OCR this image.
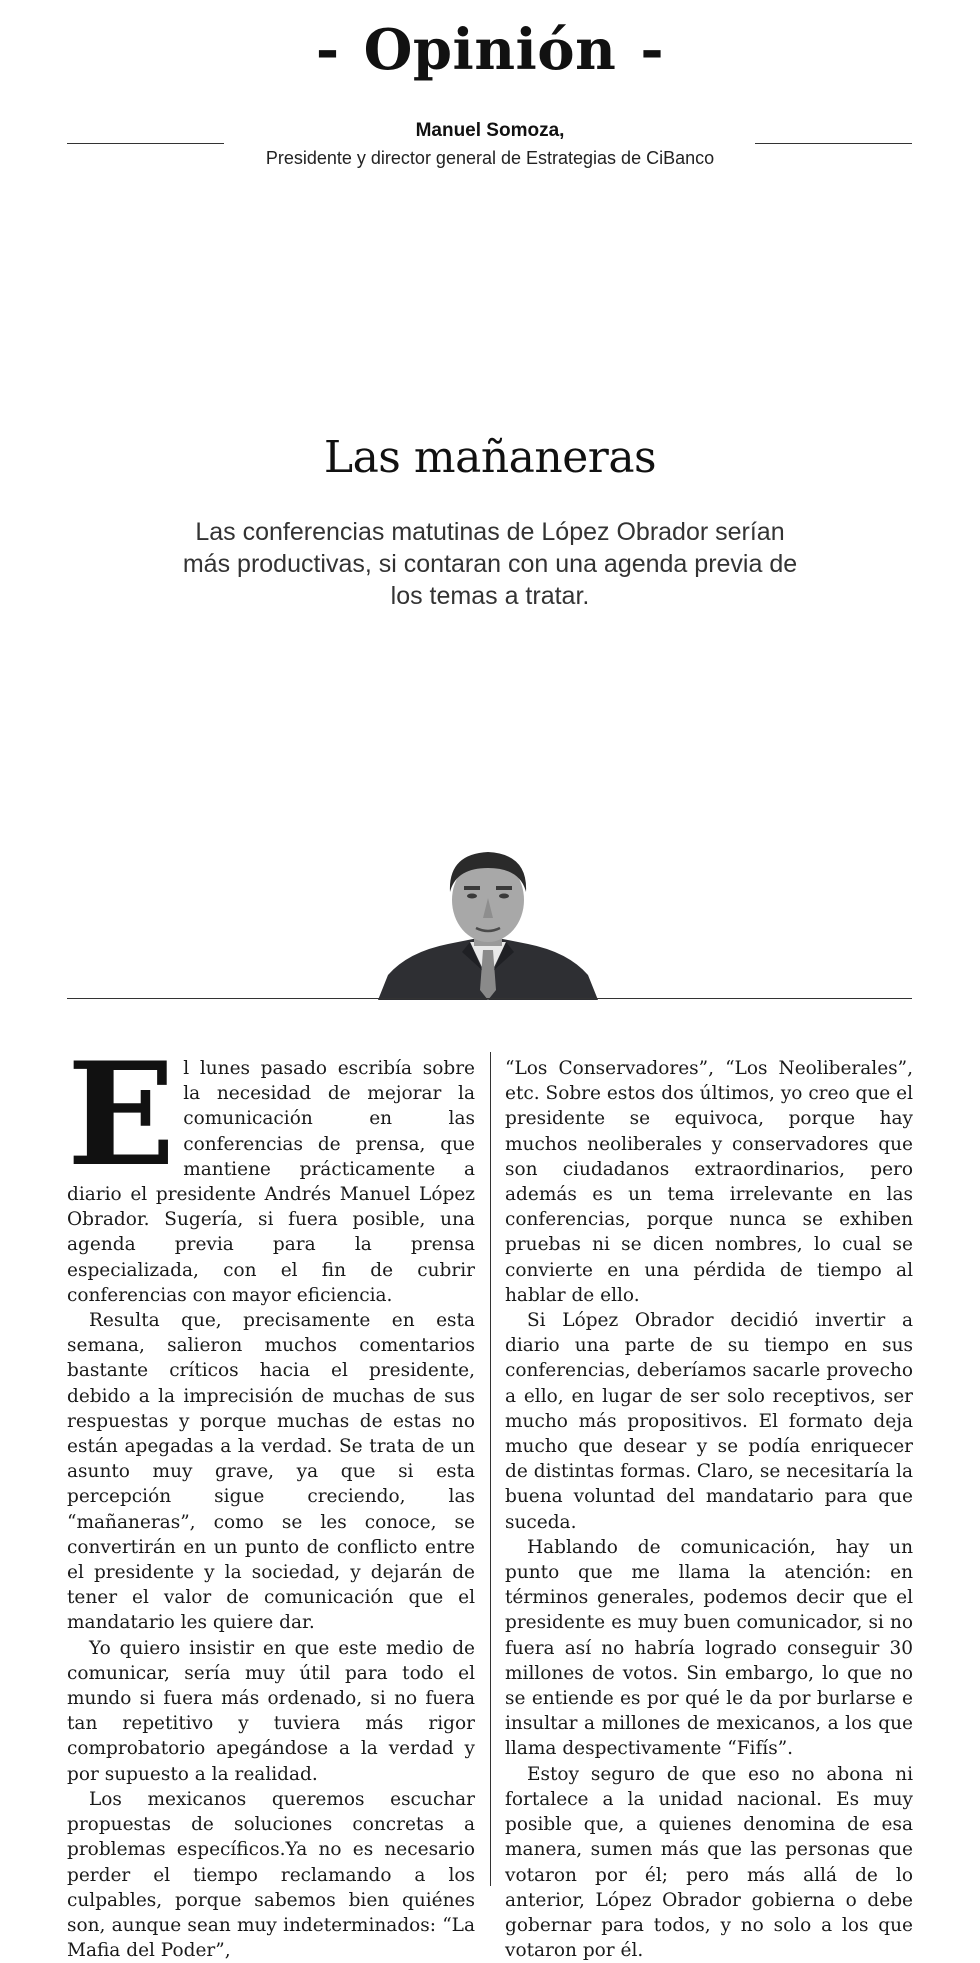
- Opinión -
Manuel Somoza,
Presidente y director general de Estrategias de CiBanco
Las mañaneras
Las conferencias matutinas de López Obrador serían más productivas, si contaran con una agenda previa de los temas a tratar.

El lunes pasado escribía sobre la necesidad de mejorar la comunicación en las conferencias de prensa, que mantiene prácticamente a diario el presidente Andrés Manuel López Obrador. Sugería, si fuera posible, una agenda previa para la prensa especializada, con el fin de cubrir conferencias con mayor eficiencia.

Resulta que, precisamente en esta semana, salieron muchos comentarios bastante críticos hacia el presidente, debido a la imprecisión de muchas de sus respuestas y porque muchas de estas no están apegadas a la verdad. Se trata de un asunto muy grave, ya que si esta percepción sigue creciendo, las “mañaneras”, como se les conoce, se convertirán en un punto de conflicto entre el presidente y la sociedad, y dejarán de tener el valor de comunicación que el mandatario les quiere dar.

Yo quiero insistir en que este medio de comunicar, sería muy útil para todo el mundo si fuera más ordenado, si no fuera tan repetitivo y tuviera más rigor comprobatorio apegándose a la verdad y por supuesto a la realidad.

Los mexicanos queremos escuchar propuestas de soluciones concretas a problemas específicos.Ya no es necesario perder el tiempo reclamando a los culpables, porque sabemos bien quiénes son, aunque sean muy indeterminados: “La Mafia del Poder”,

“Los Conservadores”, “Los Neoliberales”, etc. Sobre estos dos últimos, yo creo que el presidente se equivoca, porque hay muchos neoliberales y conservadores que son ciudadanos extraordinarios, pero además es un tema irrelevante en las conferencias, porque nunca se exhiben pruebas ni se dicen nombres, lo cual se convierte en una pérdida de tiempo al hablar de ello.

Si López Obrador decidió invertir a diario una parte de su tiempo en sus conferencias, deberíamos sacarle provecho a ello, en lugar de ser solo receptivos, ser mucho más propositivos. El formato deja mucho que desear y se podía enriquecer de distintas formas. Claro, se necesitaría la buena voluntad del mandatario para que suceda.

Hablando de comunicación, hay un punto que me llama la atención: en términos generales, podemos decir que el presidente es muy buen comunicador, si no fuera así no habría logrado conseguir 30 millones de votos. Sin embargo, lo que no se entiende es por qué le da por burlarse e insultar a millones de mexicanos, a los que llama despectivamente “Fifís”.

Estoy seguro de que eso no abona ni fortalece a la unidad nacional. Es muy posible que, a quienes denomina de esa manera, sumen más que las personas que votaron por él; pero más allá de lo anterior, López Obrador gobierna o debe gobernar para todos, y no solo a los que votaron por él.
